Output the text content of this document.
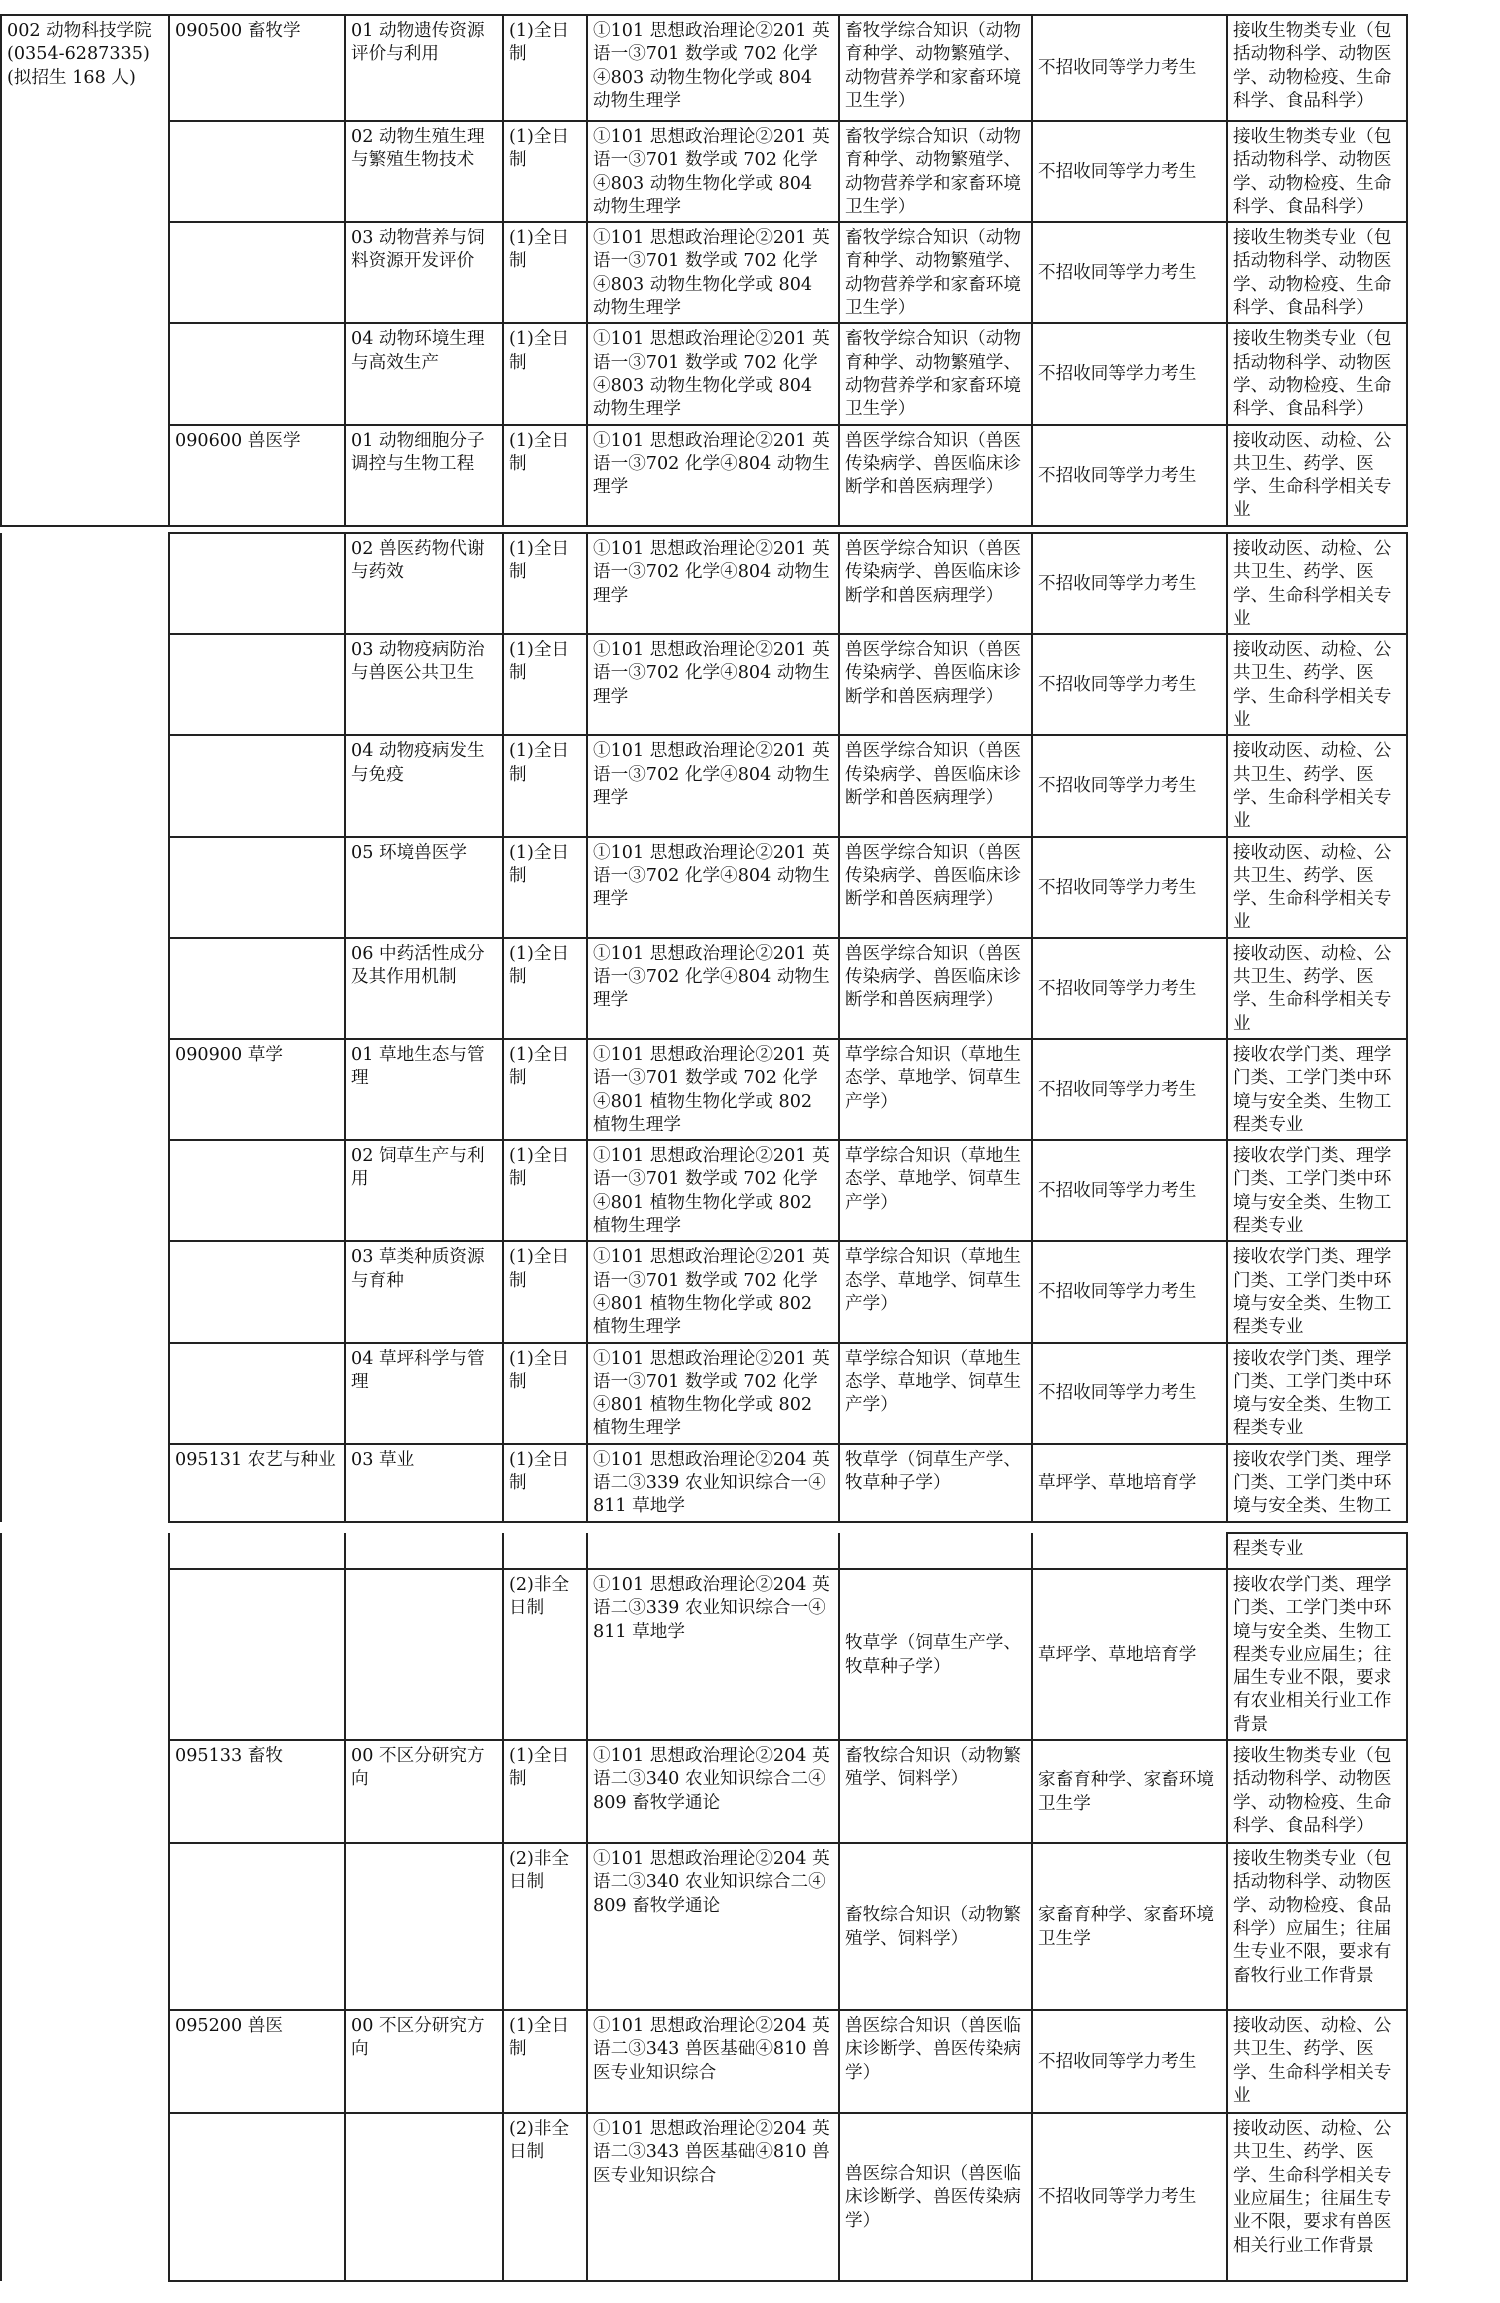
002 动物科技学院
(0354-6287335)
(拟招生 168 人)	090500 畜牧学	01 动物遗传资源评价与利用	(1)全日制	①101 思想政治理论②201 英语一③701 数学或 702 化学④803 动物生物化学或 804 动物生理学	畜牧学综合知识（动物育种学、动物繁殖学、动物营养学和家畜环境卫生学）	不招收同等学力考生	接收生物类专业（包括动物科学、动物医学、动物检疫、生命科学、食品科学）
		02 动物生殖生理与繁殖生物技术	(1)全日制	①101 思想政治理论②201 英语一③701 数学或 702 化学④803 动物生物化学或 804 动物生理学	畜牧学综合知识（动物育种学、动物繁殖学、动物营养学和家畜环境卫生学）	不招收同等学力考生	接收生物类专业（包括动物科学、动物医学、动物检疫、生命科学、食品科学）
		03 动物营养与饲料资源开发评价	(1)全日制	①101 思想政治理论②201 英语一③701 数学或 702 化学④803 动物生物化学或 804 动物生理学	畜牧学综合知识（动物育种学、动物繁殖学、动物营养学和家畜环境卫生学）	不招收同等学力考生	接收生物类专业（包括动物科学、动物医学、动物检疫、生命科学、食品科学）
		04 动物环境生理与高效生产	(1)全日制	①101 思想政治理论②201 英语一③701 数学或 702 化学④803 动物生物化学或 804 动物生理学	畜牧学综合知识（动物育种学、动物繁殖学、动物营养学和家畜环境卫生学）	不招收同等学力考生	接收生物类专业（包括动物科学、动物医学、动物检疫、生命科学、食品科学）
	090600 兽医学	01 动物细胞分子调控与生物工程	(1)全日制	①101 思想政治理论②201 英语一③702 化学④804 动物生理学	兽医学综合知识（兽医传染病学、兽医临床诊断学和兽医病理学）	不招收同等学力考生	接收动医、动检、公共卫生、药学、医学、生命科学相关专业
		02 兽医药物代谢与药效	(1)全日制	①101 思想政治理论②201 英语一③702 化学④804 动物生理学	兽医学综合知识（兽医传染病学、兽医临床诊断学和兽医病理学）	不招收同等学力考生	接收动医、动检、公共卫生、药学、医学、生命科学相关专业
		03 动物疫病防治与兽医公共卫生	(1)全日制	①101 思想政治理论②201 英语一③702 化学④804 动物生理学	兽医学综合知识（兽医传染病学、兽医临床诊断学和兽医病理学）	不招收同等学力考生	接收动医、动检、公共卫生、药学、医学、生命科学相关专业
		04 动物疫病发生与免疫	(1)全日制	①101 思想政治理论②201 英语一③702 化学④804 动物生理学	兽医学综合知识（兽医传染病学、兽医临床诊断学和兽医病理学）	不招收同等学力考生	接收动医、动检、公共卫生、药学、医学、生命科学相关专业
		05 环境兽医学	(1)全日制	①101 思想政治理论②201 英语一③702 化学④804 动物生理学	兽医学综合知识（兽医传染病学、兽医临床诊断学和兽医病理学）	不招收同等学力考生	接收动医、动检、公共卫生、药学、医学、生命科学相关专业
		06 中药活性成分及其作用机制	(1)全日制	①101 思想政治理论②201 英语一③702 化学④804 动物生理学	兽医学综合知识（兽医传染病学、兽医临床诊断学和兽医病理学）	不招收同等学力考生	接收动医、动检、公共卫生、药学、医学、生命科学相关专业
	090900 草学	01 草地生态与管理	(1)全日制	①101 思想政治理论②201 英语一③701 数学或 702 化学④801 植物生物化学或 802 植物生理学	草学综合知识（草地生态学、草地学、饲草生产学）	不招收同等学力考生	接收农学门类、理学门类、工学门类中环境与安全类、生物工程类专业
		02 饲草生产与利用	(1)全日制	①101 思想政治理论②201 英语一③701 数学或 702 化学④801 植物生物化学或 802 植物生理学	草学综合知识（草地生态学、草地学、饲草生产学）	不招收同等学力考生	接收农学门类、理学门类、工学门类中环境与安全类、生物工程类专业
		03 草类种质资源与育种	(1)全日制	①101 思想政治理论②201 英语一③701 数学或 702 化学④801 植物生物化学或 802 植物生理学	草学综合知识（草地生态学、草地学、饲草生产学）	不招收同等学力考生	接收农学门类、理学门类、工学门类中环境与安全类、生物工程类专业
		04 草坪科学与管理	(1)全日制	①101 思想政治理论②201 英语一③701 数学或 702 化学④801 植物生物化学或 802 植物生理学	草学综合知识（草地生态学、草地学、饲草生产学）	不招收同等学力考生	接收农学门类、理学门类、工学门类中环境与安全类、生物工程类专业
	095131 农艺与种业	03 草业	(1)全日制	①101 思想政治理论②204 英语二③339 农业知识综合一④811 草地学	牧草学（饲草生产学、牧草种子学）	草坪学、草地培育学	接收农学门类、理学门类、工学门类中环境与安全类、生物工
							程类专业
			(2)非全日制	①101 思想政治理论②204 英语二③339 农业知识综合一④811 草地学	牧草学（饲草生产学、牧草种子学）	草坪学、草地培育学	接收农学门类、理学门类、工学门类中环境与安全类、生物工程类专业应届生；往届生专业不限，要求有农业相关行业工作背景
	095133 畜牧	00 不区分研究方向	(1)全日制	①101 思想政治理论②204 英语二③340 农业知识综合二④809 畜牧学通论	畜牧综合知识（动物繁殖学、饲料学）	家畜育种学、家畜环境卫生学	接收生物类专业（包括动物科学、动物医学、动物检疫、生命科学、食品科学）
			(2)非全日制	①101 思想政治理论②204 英语二③340 农业知识综合二④809 畜牧学通论	畜牧综合知识（动物繁殖学、饲料学）	家畜育种学、家畜环境卫生学	接收生物类专业（包括动物科学、动物医学、动物检疫、食品科学）应届生；往届生专业不限，要求有畜牧行业工作背景
	095200 兽医	00 不区分研究方向	(1)全日制	①101 思想政治理论②204 英语二③343 兽医基础④810 兽医专业知识综合	兽医综合知识（兽医临床诊断学、兽医传染病学）	不招收同等学力考生	接收动医、动检、公共卫生、药学、医学、生命科学相关专业
			(2)非全日制	①101 思想政治理论②204 英语二③343 兽医基础④810 兽医专业知识综合	兽医综合知识（兽医临床诊断学、兽医传染病学）	不招收同等学力考生	接收动医、动检、公共卫生、药学、医学、生命科学相关专业应届生；往届生专业不限，要求有兽医相关行业工作背景
